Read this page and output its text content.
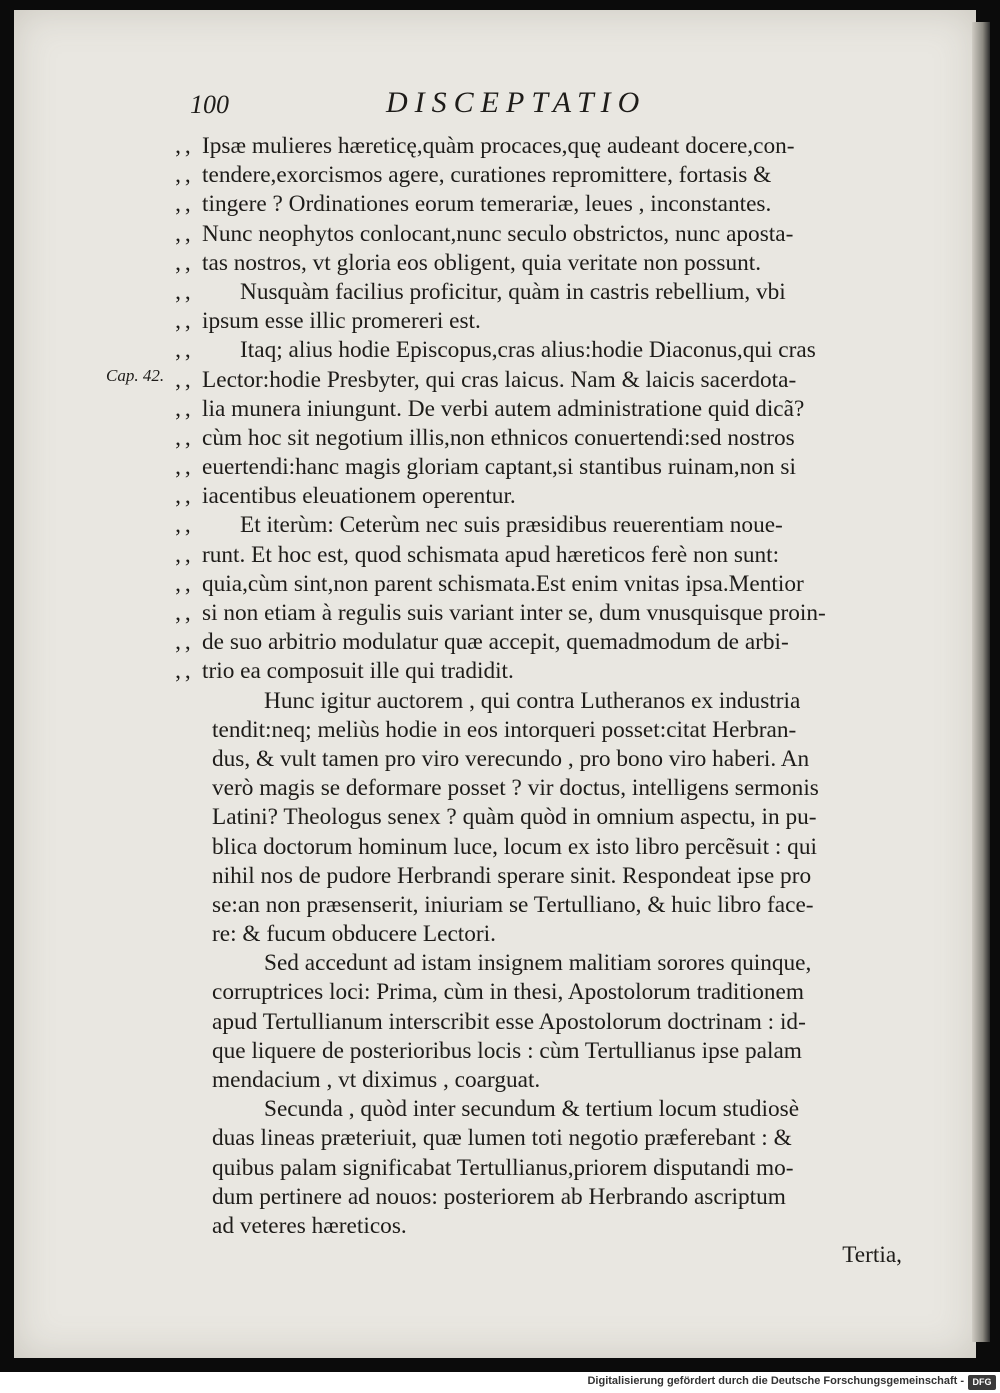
100	DISCEPTATIO
Cap. 42.
‚‚ Ipsæ mulieres hæreticę,quàm procaces,quę audeant docere,con-
‚‚ tendere,exorcismos agere, curationes repromittere, fortasis &
‚‚ tingere ? Ordinationes eorum temerariæ, leues , inconstantes.
‚‚ Nunc neophytos conlocant,nunc seculo obstrictos, nunc aposta-
‚‚ tas nostros, vt gloria eos obligent, quia veritate non possunt.
‚‚	Nusquàm facilius proficitur, quàm in castris rebellium, vbi
‚‚ ipsum esse illic promereri est.
‚‚	Itaq; alius hodie Episcopus,cras alius:hodie Diaconus,qui cras
‚‚ Lector:hodie Presbyter, qui cras laicus. Nam & laicis sacerdota-
‚‚ lia munera iniungunt. De verbi autem administratione quid dicã?
‚‚ cùm hoc sit negotium illis,non ethnicos conuertendi:sed nostros
‚‚ euertendi:hanc magis gloriam captant,si stantibus ruinam,non si
‚‚ iacentibus eleuationem operentur.
‚‚	Et iterùm: Ceterùm nec suis præsidibus reuerentiam noue-
‚‚ runt. Et hoc est, quod schismata apud hæreticos ferè non sunt:
‚‚ quia,cùm sint,non parent schismata.Est enim vnitas ipsa.Mentior
‚‚ si non etiam à regulis suis variant inter se, dum vnusquisque proin-
‚‚ de suo arbitrio modulatur quæ accepit, quemadmodum de arbi-
‚‚ trio ea composuit ille qui tradidit.
Hunc igitur auctorem , qui contra Lutheranos ex industria
tendit:neq; meliùs hodie in eos intorqueri posset:citat Herbran-
dus, & vult tamen pro viro verecundo , pro bono viro haberi. An
verò magis se deformare posset ? vir doctus, intelligens sermonis
Latini? Theologus senex ? quàm quòd in omnium aspectu, in pu-
blica doctorum hominum luce, locum ex isto libro percẽsuit : qui
nihil nos de pudore Herbrandi sperare sinit. Respondeat ipse pro
se:an non præsenserit, iniuriam se Tertulliano, & huic libro face-
re: & fucum obducere Lectori.
Sed accedunt ad istam insignem malitiam sorores quinque,
corruptrices loci: Prima, cùm in thesi, Apostolorum traditionem
apud Tertullianum interscribit esse Apostolorum doctrinam : id-
que liquere de posterioribus locis : cùm Tertullianus ipse palam
mendacium , vt diximus , coarguat.
Secunda , quòd inter secundum & tertium locum studiosè
duas lineas præteriuit, quæ lumen toti negotio præferebant : &
quibus palam significabat Tertullianus,priorem disputandi mo-
dum pertinere ad nouos: posteriorem ab Herbrando ascriptum
ad veteres hæreticos.
Tertia,
Digitalisierung gefördert durch die Deutsche Forschungsgemeinschaft - DFG
